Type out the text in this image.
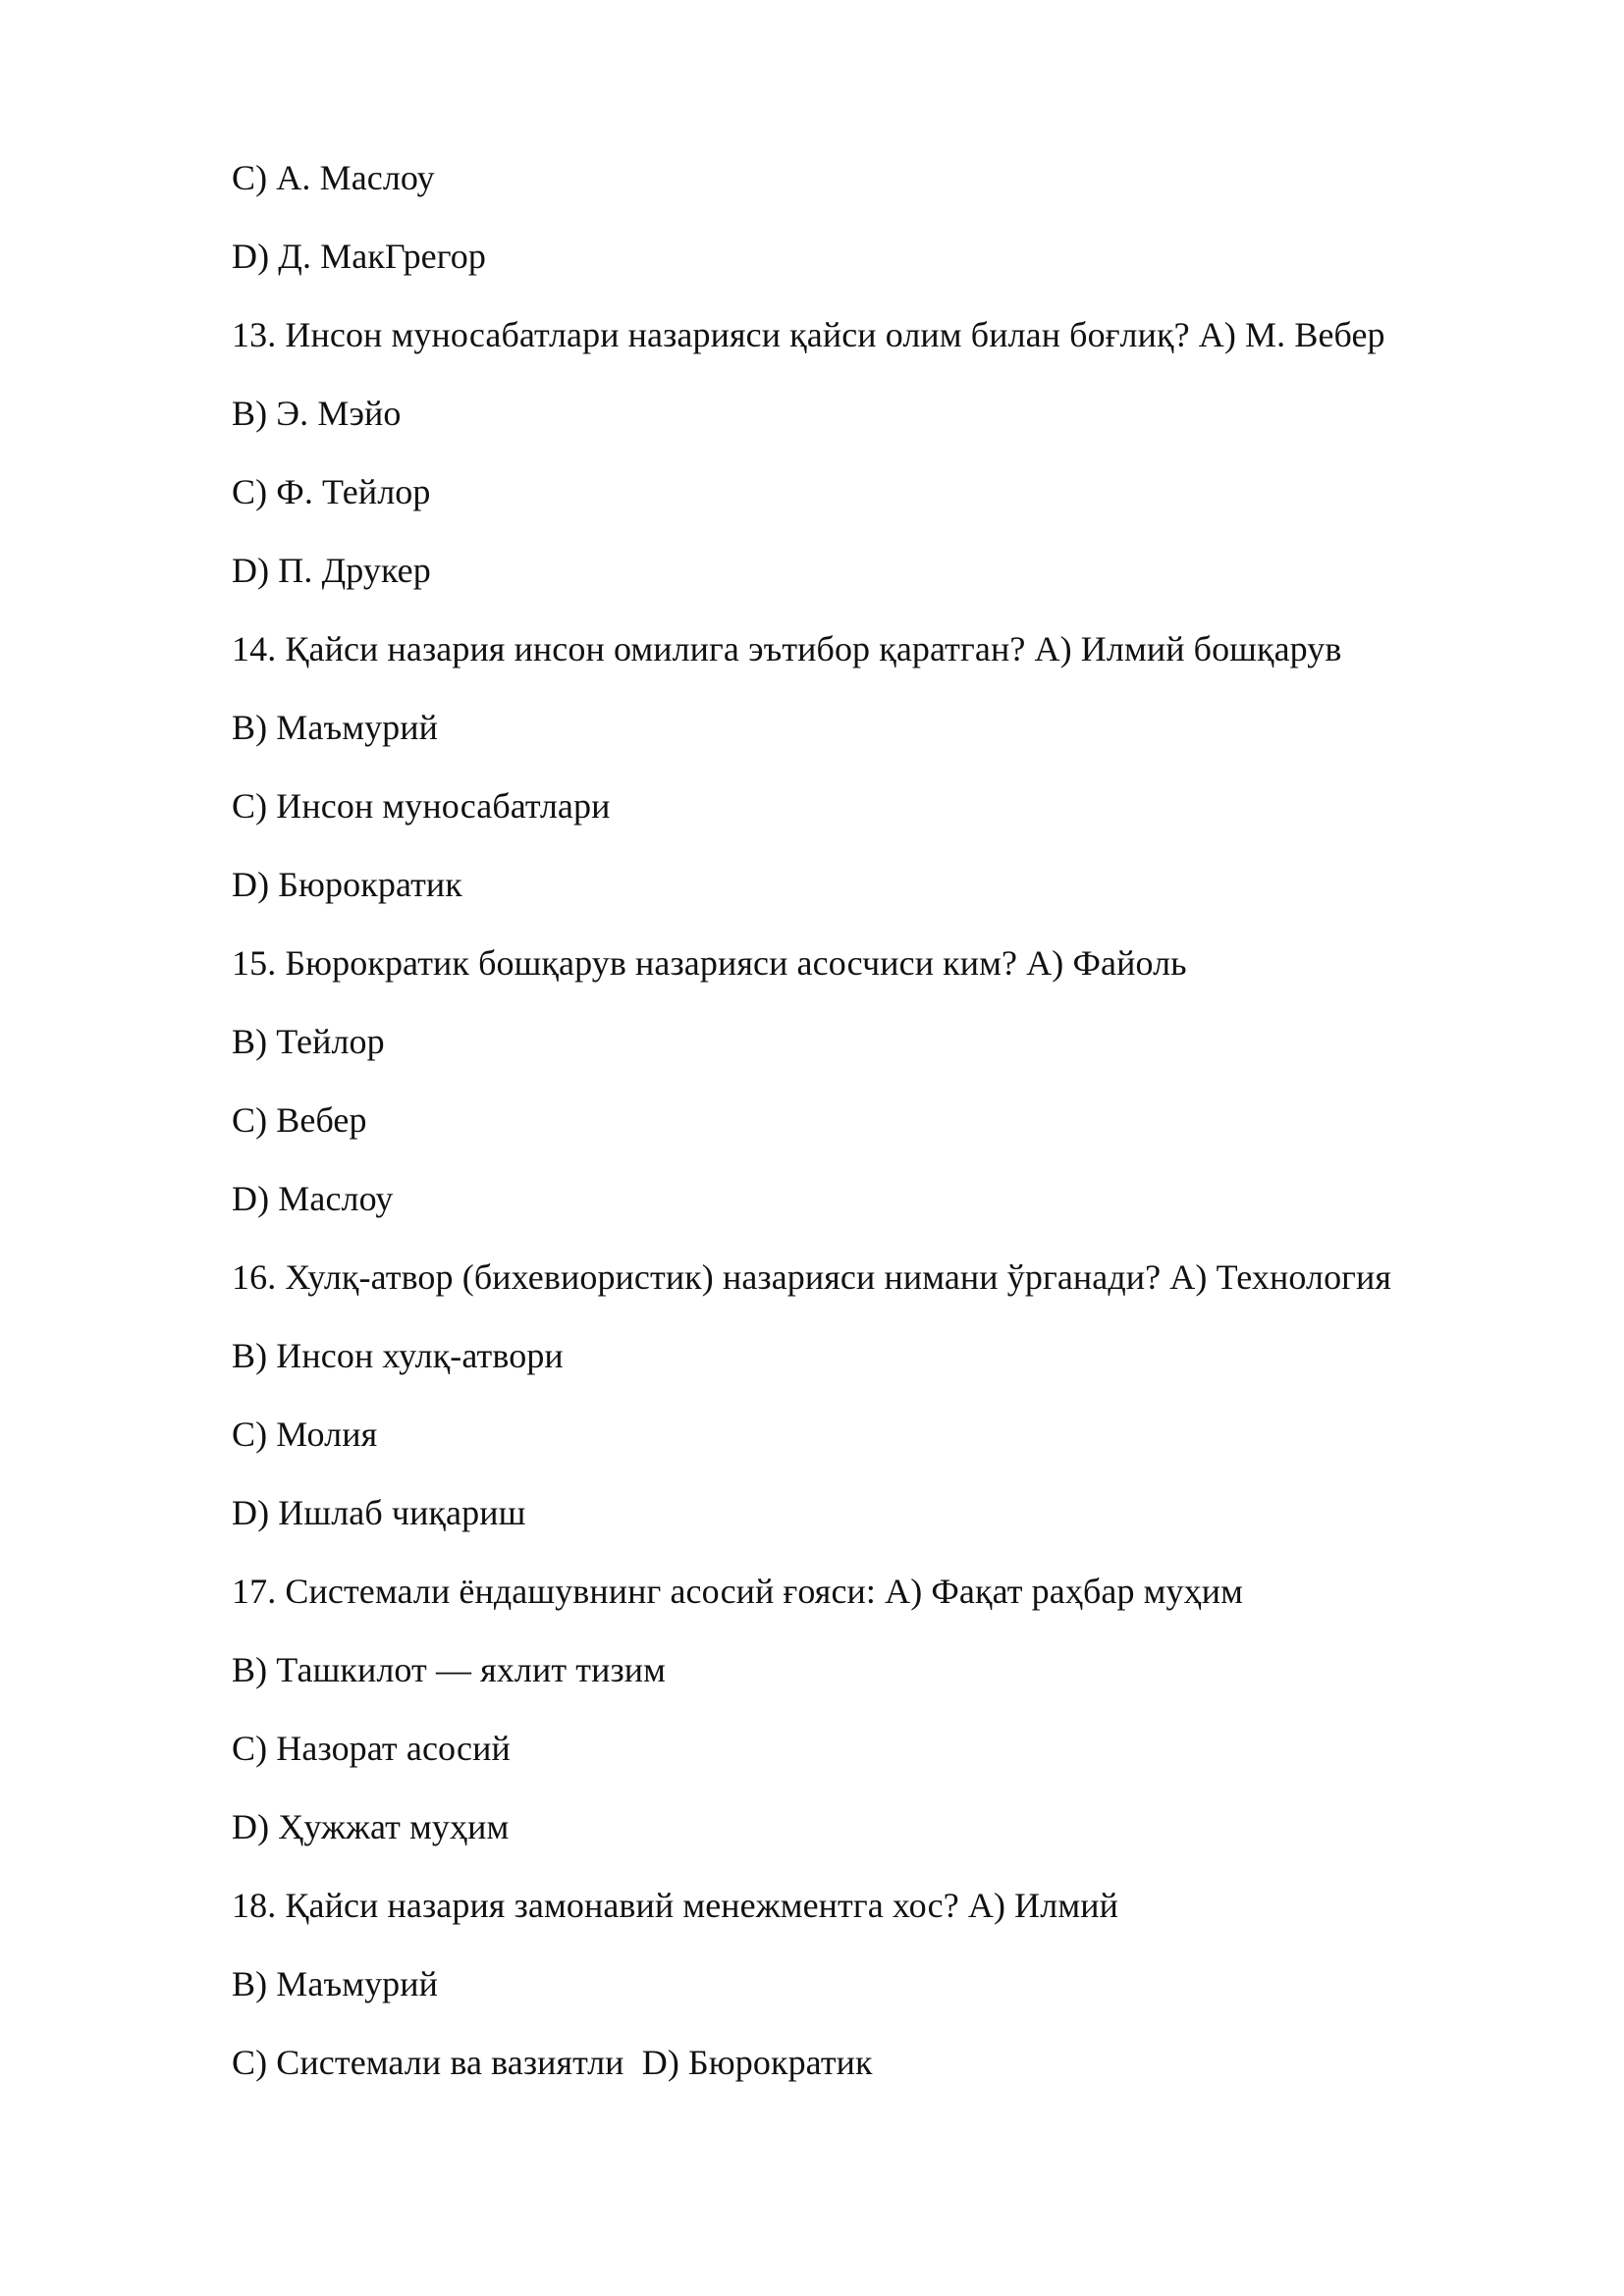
C) А. Маслоу
D) Д. МакГрегор
13. Инсон муносабатлари назарияси қайси олим билан боғлиқ? A) М. Вебер
B) Э. Мэйо
C) Ф. Тейлор
D) П. Друкер
14. Қайси назария инсон омилига эътибор қаратган? A) Илмий бошқарув
B) Маъмурий
C) Инсон муносабатлари
D) Бюрократик
15. Бюрократик бошқарув назарияси асосчиси ким? A) Файоль
B) Тейлор
C) Вебер
D) Маслоу
16. Хулқ-атвор (бихевиористик) назарияси нимани ўрганади? A) Технология
B) Инсон хулқ-атвори
C) Молия
D) Ишлаб чиқариш
17. Системали ёндашувнинг асосий ғояси: A) Фақат раҳбар муҳим
B) Ташкилот — яхлит тизим
C) Назорат асосий
D) Ҳужжат муҳим
18. Қайси назария замонавий менежментга хос? A) Илмий
B) Маъмурий
C) Системали ва вазиятли  D) Бюрократик
